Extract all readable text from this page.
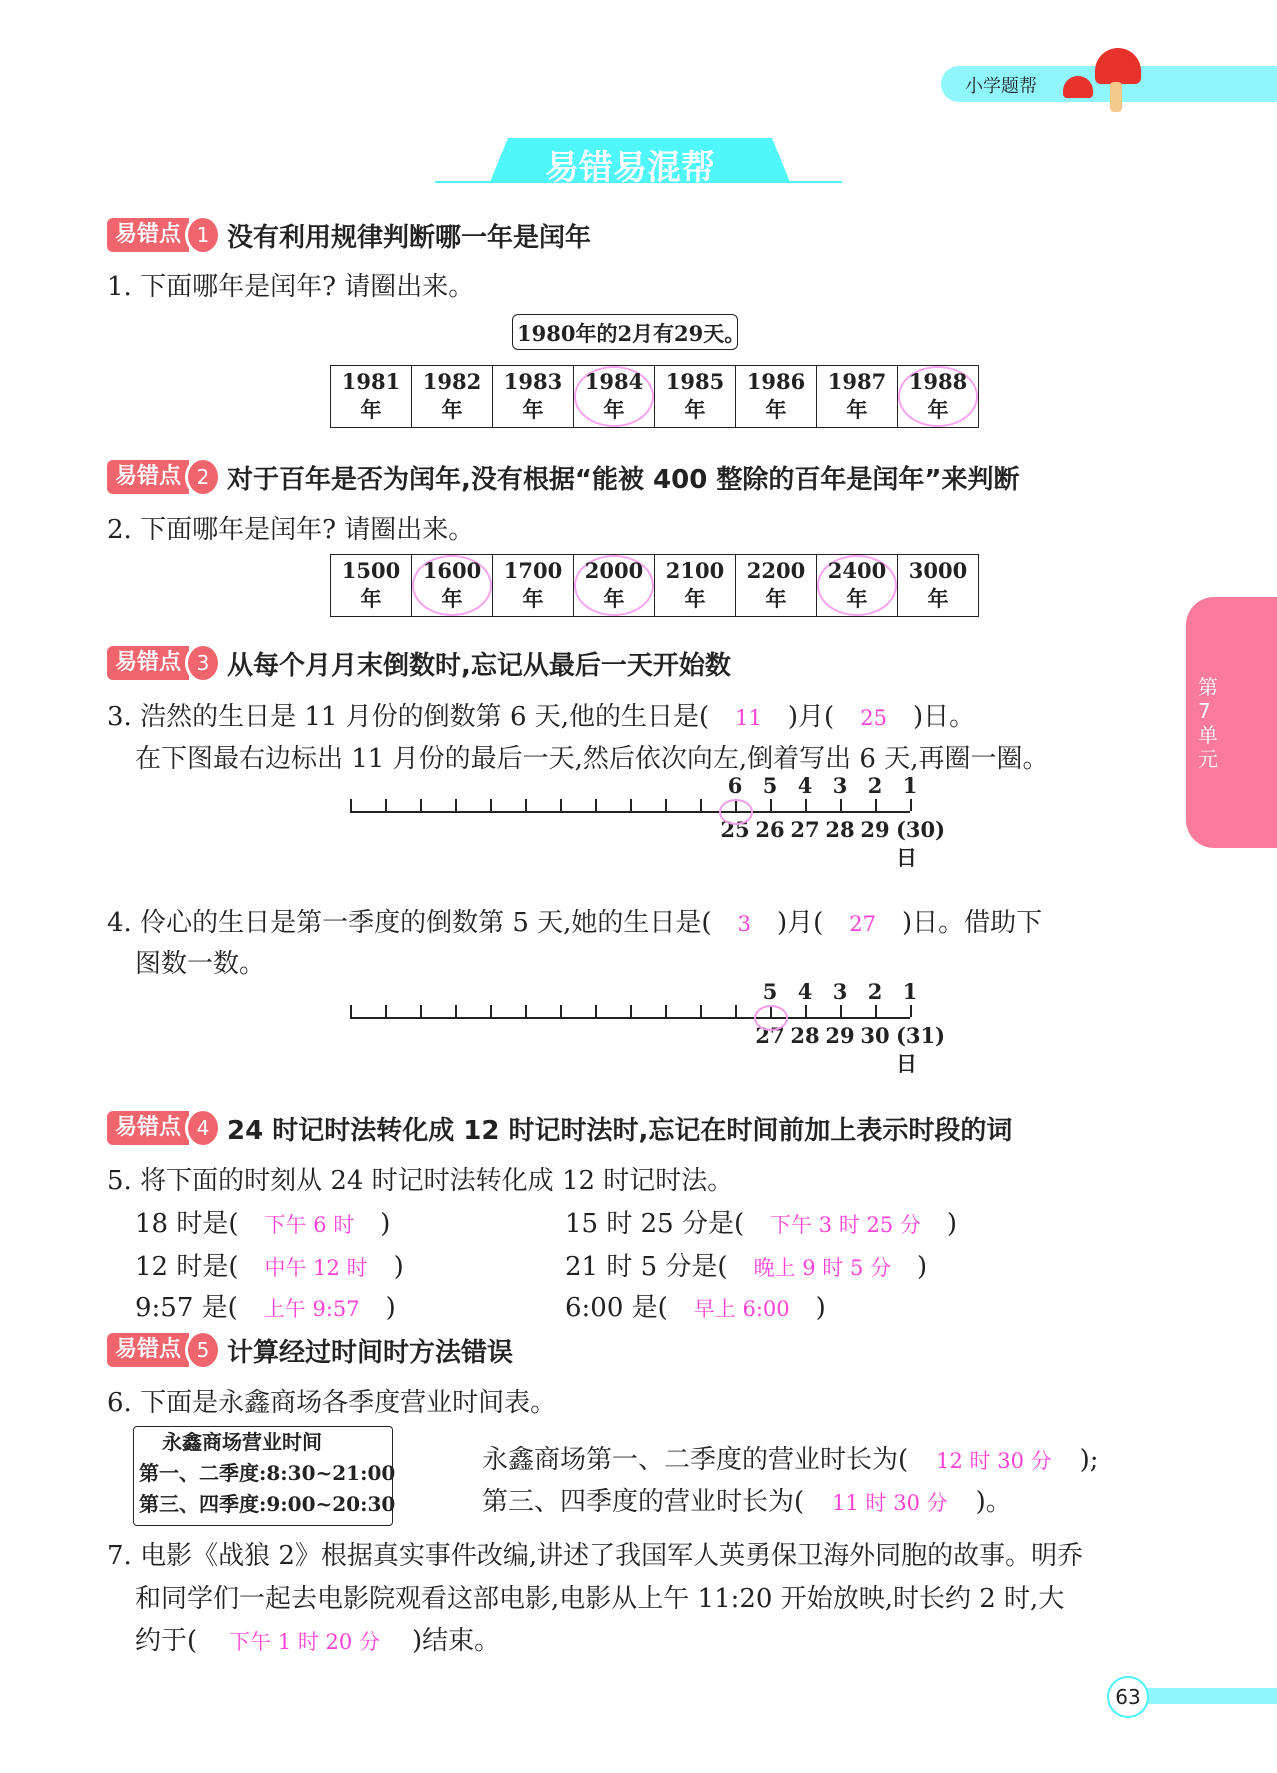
小学题帮
易错易混帮
第7单元
易错点 1 没有利用规律判断哪一年是闰年
1. 下面哪年是闰年? 请圈出来。
1980年的2月有29天。
1981年	1982年	1983年	1984年	1985年	1986年	1987年	1988年
易错点 2 对于百年是否为闰年,没有根据“能被 400 整除的百年是闰年”来判断
2. 下面哪年是闰年? 请圈出来。
1500年	1600年	1700年	2000年	2100年	2200年	2400年	3000年
易错点 3 从每个月月末倒数时,忘记从最后一天开始数
3. 浩然的生日是 11 月份的倒数第 6 天,他的生日是( 11 )月( 25 )日。
在下图最右边标出 11 月份的最后一天,然后依次向左,倒着写出 6 天,再圈一圈。
6 5 4 3 2 1
25 26 27 28 29 (30)日
4. 伶心的生日是第一季度的倒数第 5 天,她的生日是( 3 )月( 27 )日。借助下
图数一数。
5 4 3 2 1
27 28 29 30 (31)日
易错点 4 24 时记时法转化成 12 时记时法时,忘记在时间前加上表示时段的词
5. 将下面的时刻从 24 时记时法转化成 12 时记时法。
18 时是( 下午 6 时 )	15 时 25 分是( 下午 3 时 25 分 )
12 时是( 中午 12 时 )	21 时 5 分是( 晚上 9 时 5 分 )
9:57 是( 上午 9:57 )	6:00 是( 早上 6:00 )
易错点 5 计算经过时间时方法错误
6. 下面是永鑫商场各季度营业时间表。
永鑫商场营业时间
第一、二季度:8:30~21:00
第三、四季度:9:00~20:30
永鑫商场第一、二季度的营业时长为( 12 时 30 分 );
第三、四季度的营业时长为( 11 时 30 分 )。
7. 电影《战狼 2》根据真实事件改编,讲述了我国军人英勇保卫海外同胞的故事。明乔
和同学们一起去电影院观看这部电影,电影从上午 11:20 开始放映,时长约 2 时,大
约于( 下午 1 时 20 分 )结束。
63
